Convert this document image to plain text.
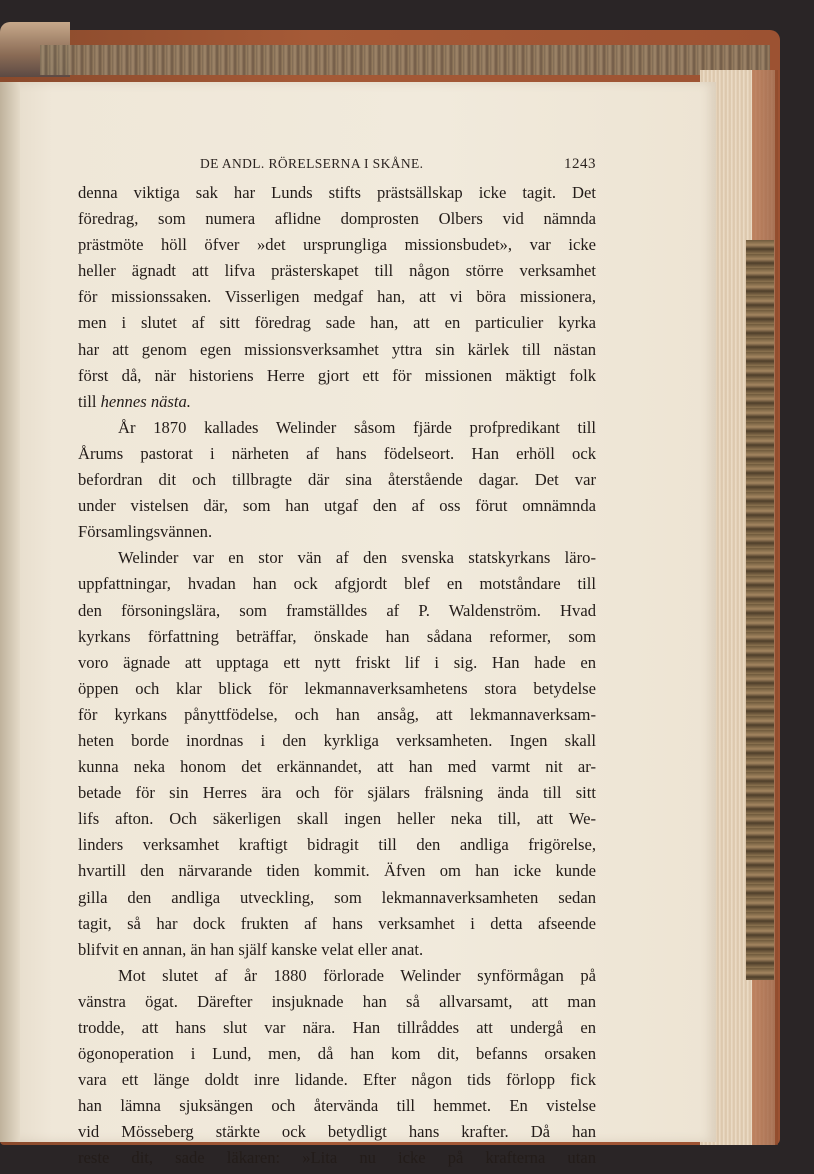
DE ANDL. RÖRELSERNA I SKÅNE.	1243
denna viktiga sak har Lunds stifts prästsällskap icke tagit. Det
föredrag, som numera aflidne domprosten Olbers vid nämnda
prästmöte höll öfver »det ursprungliga missionsbudet», var icke
heller ägnadt att lifva prästerskapet till någon större verksamhet
för missionssaken. Visserligen medgaf han, att vi böra missionera,
men i slutet af sitt föredrag sade han, att en particulier kyrka
har att genom egen missionsverksamhet yttra sin kärlek till nästan
först då, när historiens Herre gjort ett för missionen mäktigt folk
till hennes nästa.
År 1870 kallades Welinder såsom fjärde profpredikant till
Årums pastorat i närheten af hans födelseort. Han erhöll ock
befordran dit och tillbragte där sina återstående dagar. Det var
under vistelsen där, som han utgaf den af oss förut omnämnda
Församlingsvännen.
Welinder var en stor vän af den svenska statskyrkans läro-
uppfattningar, hvadan han ock afgjordt blef en motståndare till
den försoningslära, som framställdes af P. Waldenström. Hvad
kyrkans författning beträffar, önskade han sådana reformer, som
voro ägnade att upptaga ett nytt friskt lif i sig. Han hade en
öppen och klar blick för lekmannaverksamhetens stora betydelse
för kyrkans pånyttfödelse, och han ansåg, att lekmannaverksam-
heten borde inordnas i den kyrkliga verksamheten. Ingen skall
kunna neka honom det erkännandet, att han med varmt nit ar-
betade för sin Herres ära och för själars frälsning ända till sitt
lifs afton. Och säkerligen skall ingen heller neka till, att We-
linders verksamhet kraftigt bidragit till den andliga frigörelse,
hvartill den närvarande tiden kommit. Äfven om han icke kunde
gilla den andliga utveckling, som lekmannaverksamheten sedan
tagit, så har dock frukten af hans verksamhet i detta afseende
blifvit en annan, än han själf kanske velat eller anat.
Mot slutet af år 1880 förlorade Welinder synförmågan på
vänstra ögat. Därefter insjuknade han så allvarsamt, att man
trodde, att hans slut var nära. Han tillråddes att undergå en
ögonoperation i Lund, men, då han kom dit, befanns orsaken
vara ett länge doldt inre lidande. Efter någon tids förlopp fick
han lämna sjuksängen och återvända till hemmet. En vistelse
vid Mösseberg stärkte ock betydligt hans krafter. Då han
reste dit, sade läkaren: »Lita nu icke på krafterna utan
